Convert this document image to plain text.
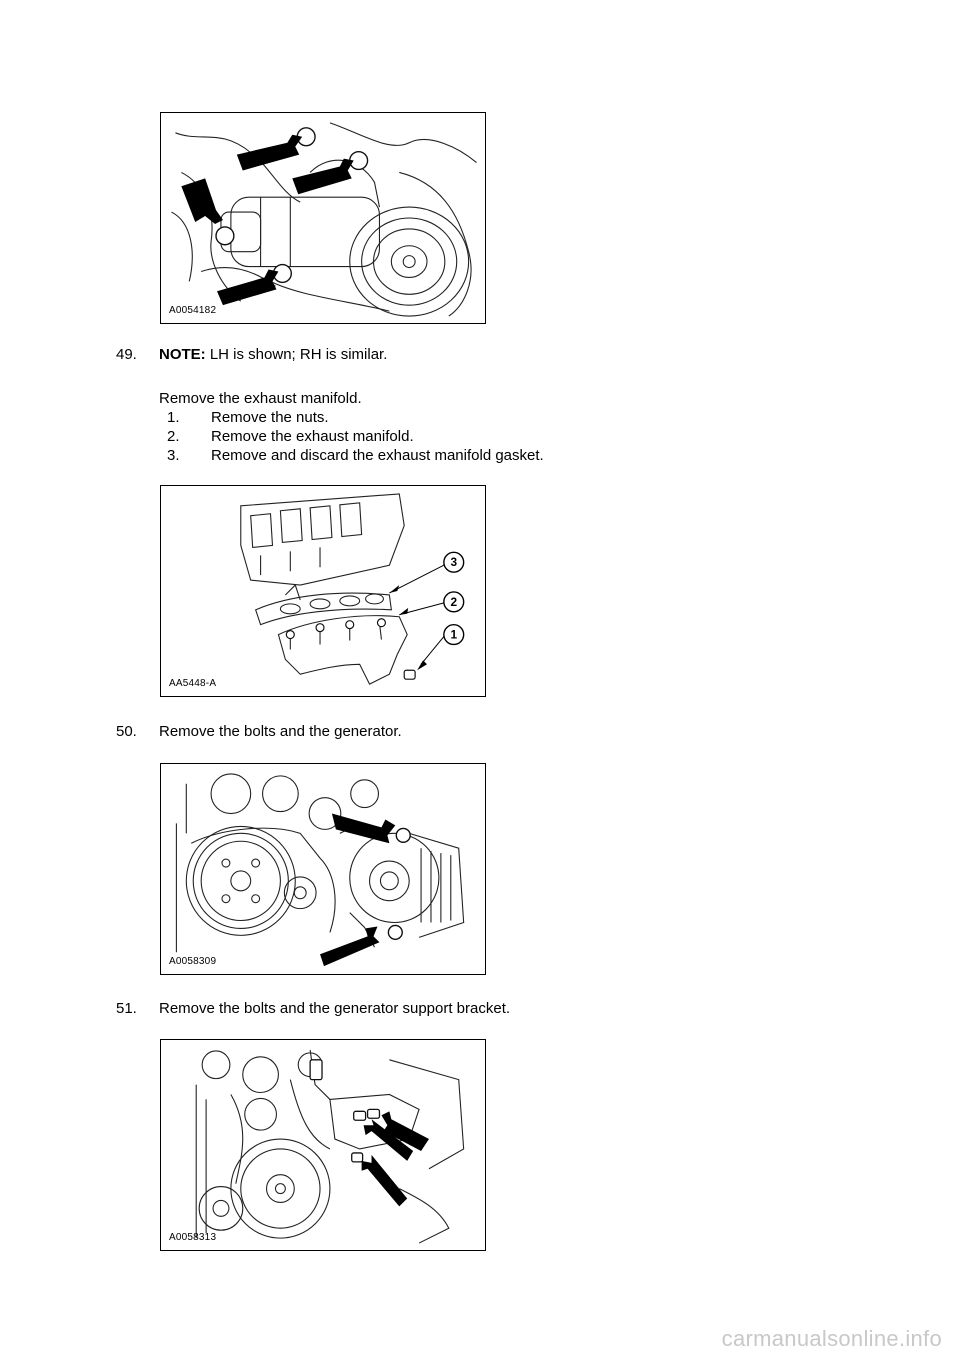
A0054182
49. NOTE: LH is shown; RH is similar.
Remove the exhaust manifold.
1. Remove the nuts.
2. Remove the exhaust manifold.
3. Remove and discard the exhaust manifold gasket.
3
2
1
AA5448-A
50. Remove the bolts and the generator.
A0058309
51. Remove the bolts and the generator support bracket.
A0058313
carmanualsonline.info
